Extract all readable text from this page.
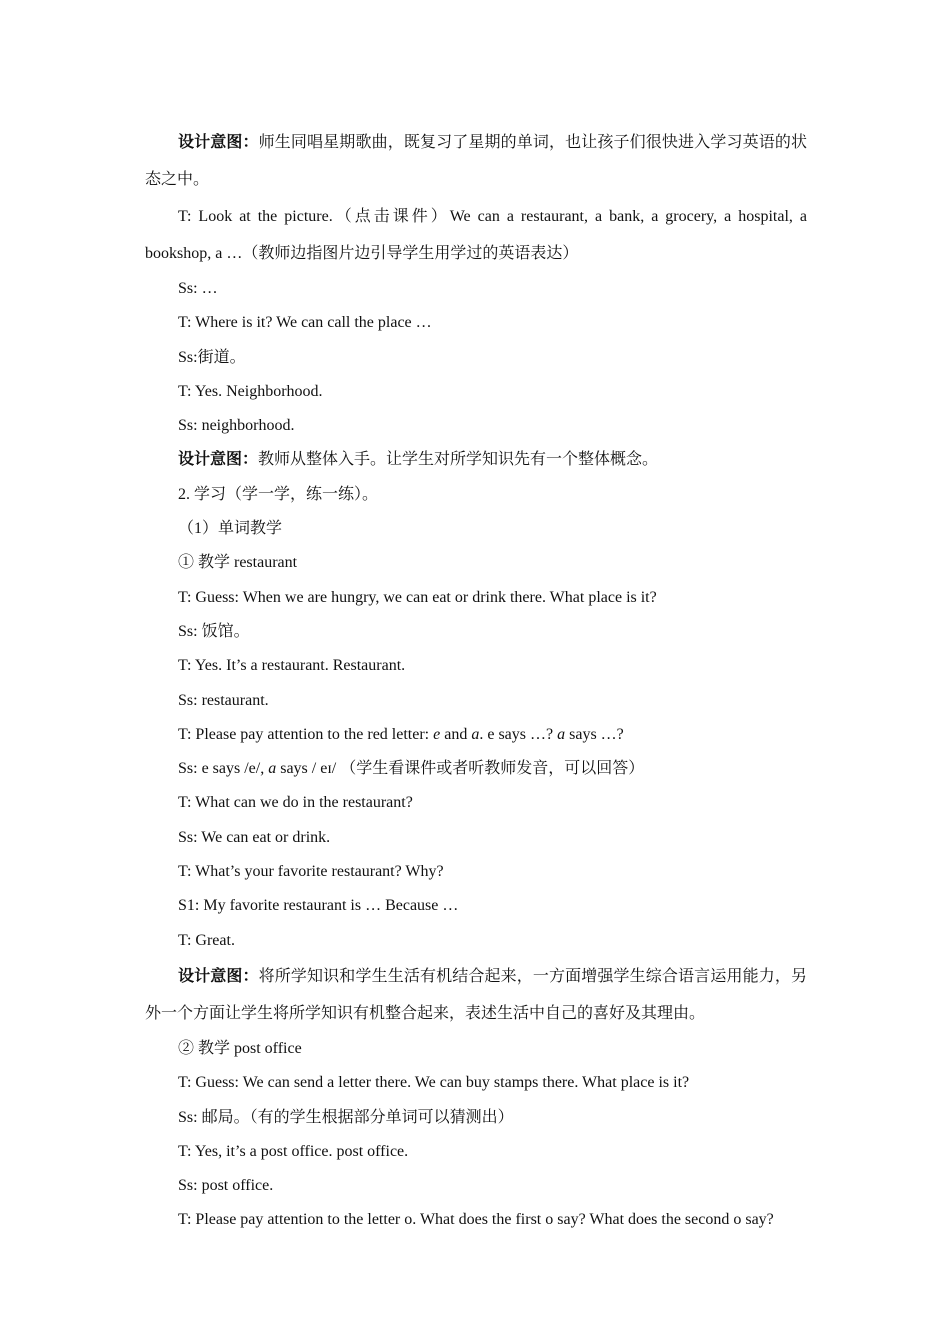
设计意图：师生同唱星期歌曲，既复习了星期的单词，也让孩子们很快进入学习英语的状态之中。

T: Look at the picture.（点击课件）We can a restaurant, a bank, a grocery, a hospital, a bookshop, a …（教师边指图片边引导学生用学过的英语表达）

Ss: …

T: Where is it? We can call the place …

Ss:街道。

T: Yes. Neighborhood.

Ss: neighborhood.

设计意图：教师从整体入手。让学生对所学知识先有一个整体概念。

2. 学习（学一学，练一练）。

（1）单词教学

① 教学 restaurant

T: Guess: When we are hungry, we can eat or drink there. What place is it?

Ss: 饭馆。

T: Yes. It’s a restaurant. Restaurant.

Ss: restaurant.

T: Please pay attention to the red letter: e and a. e says …? a says …?

Ss: e says /e/, a says / eɪ/ （学生看课件或者听教师发音，可以回答）

T: What can we do in the restaurant?

Ss: We can eat or drink.

T: What’s your favorite restaurant? Why?

S1: My favorite restaurant is … Because …

T: Great.

设计意图：将所学知识和学生生活有机结合起来，一方面增强学生综合语言运用能力，另外一个方面让学生将所学知识有机整合起来，表述生活中自己的喜好及其理由。

② 教学 post office

T: Guess: We can send a letter there. We can buy stamps there. What place is it?

Ss: 邮局。（有的学生根据部分单词可以猜测出）

T: Yes, it’s a post office. post office.

Ss: post office.

T: Please pay attention to the letter o. What does the first o say? What does the second o say?
